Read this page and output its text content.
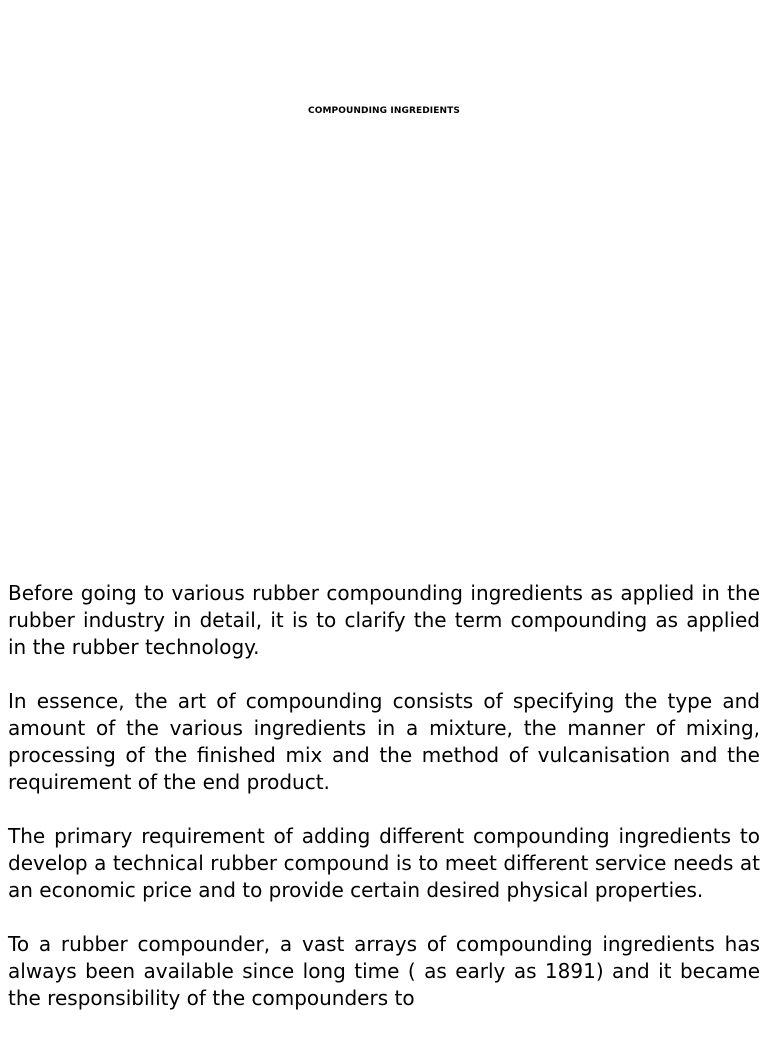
COMPOUNDING INGREDIENTS

Before going to various rubber compounding ingredients as applied in the rubber industry in detail, it is to clarify the term compounding as applied in the rubber technology.

In essence, the art of compounding consists of specifying the type and amount of the various ingredients in a mixture, the manner of mixing, processing of the finished mix and the method of vulcanisation and the requirement of the end product.

The primary requirement of adding different compounding ingredients to develop a technical rubber compound is to meet different service needs at an economic price and to provide certain desired physical properties.

To a rubber compounder, a vast arrays of compounding ingredients has always been available since long time ( as early as 1891) and it became the responsibility of the compounders to
